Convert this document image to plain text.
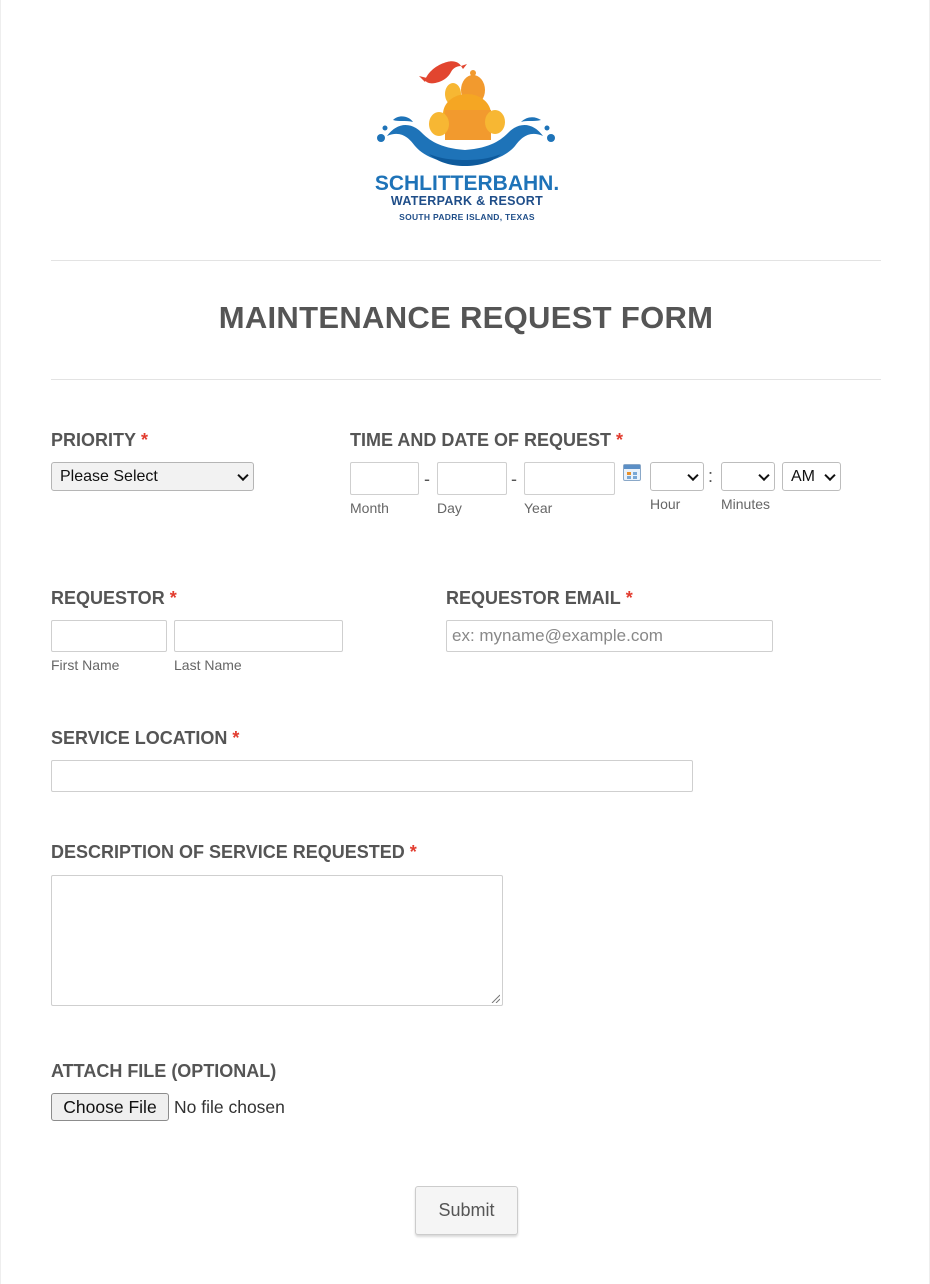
SCHLITTERBAHN.
WATERPARK & RESORT
SOUTH PADRE ISLAND, TEXAS
MAINTENANCE REQUEST FORM
PRIORITY *
Please Select
TIME AND DATE OF REQUEST *
-	-
Month	Day	Year
:	AM
Hour	Minutes
REQUESTOR *
First Name	Last Name
REQUESTOR EMAIL *
ex: myname@example.com
SERVICE LOCATION *
DESCRIPTION OF SERVICE REQUESTED *
ATTACH FILE (OPTIONAL)
Choose File No file chosen
Submit
